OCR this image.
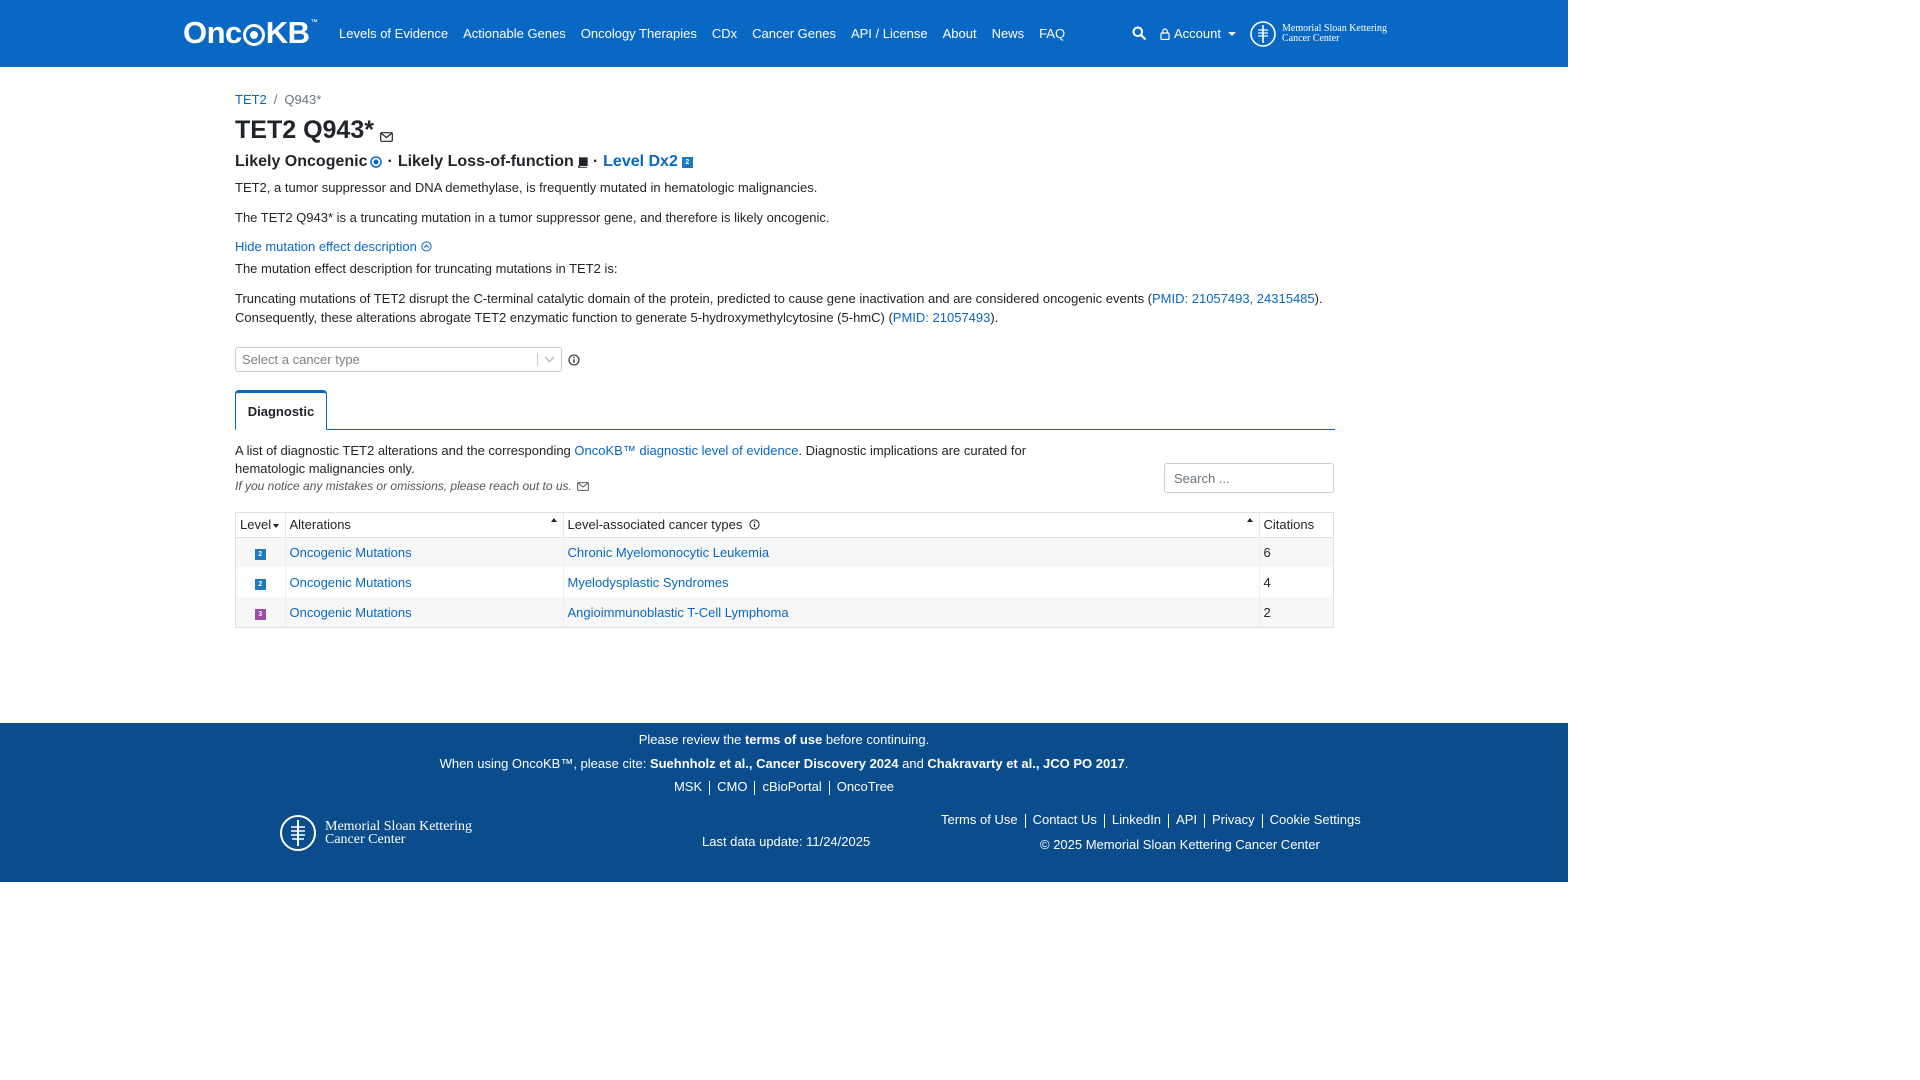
Onc KB ™
Levels of Evidence Actionable Genes Oncology Therapies CDx Cancer Genes API / License About News FAQ	Account	Memorial Sloan Kettering
Cancer Center
TET2 / Q943*
TET2 Q943*
Likely Oncogenic · Likely Loss-of-function · Level Dx2	2

TET2, a tumor suppressor and DNA demethylase, is frequently mutated in hematologic malignancies.

The TET2 Q943* is a truncating mutation in a tumor suppressor gene, and therefore is likely oncogenic.

Hide mutation effect description

The mutation effect description for truncating mutations in TET2 is:

Truncating mutations of TET2 disrupt the C-terminal catalytic domain of the protein, predicted to cause gene inactivation and are considered oncogenic events (PMID: 21057493, 24315485). Consequently, these alterations abrogate TET2 enzymatic function to generate 5-hydroxymethylcytosine (5-hmC) (PMID: 21057493).

Select a cancer type
Diagnostic

A list of diagnostic TET2 alterations and the corresponding OncoKB™ diagnostic level of evidence. Diagnostic implications are curated for hematologic malignancies only.

If you notice any mistakes or omissions, please reach out to us.

Search ...
Level	Alterations	Level-associated cancer types	Citations
2	Oncogenic Mutations	Chronic Myelomonocytic Leukemia	6
2	Oncogenic Mutations	Myelodysplastic Syndromes	4
3	Oncogenic Mutations	Angioimmunoblastic T-Cell Lymphoma	2
Please review the terms of use before continuing.
When using OncoKB™, please cite: Suehnholz et al., Cancer Discovery 2024 and Chakravarty et al., JCO PO 2017.
MSK	CMO	cBioPortal	OncoTree
Memorial Sloan Kettering
Cancer Center	Last data update: 11/24/2025
Terms of Use	Contact Us	LinkedIn	API	Privacy	Cookie Settings
© 2025 Memorial Sloan Kettering Cancer Center
